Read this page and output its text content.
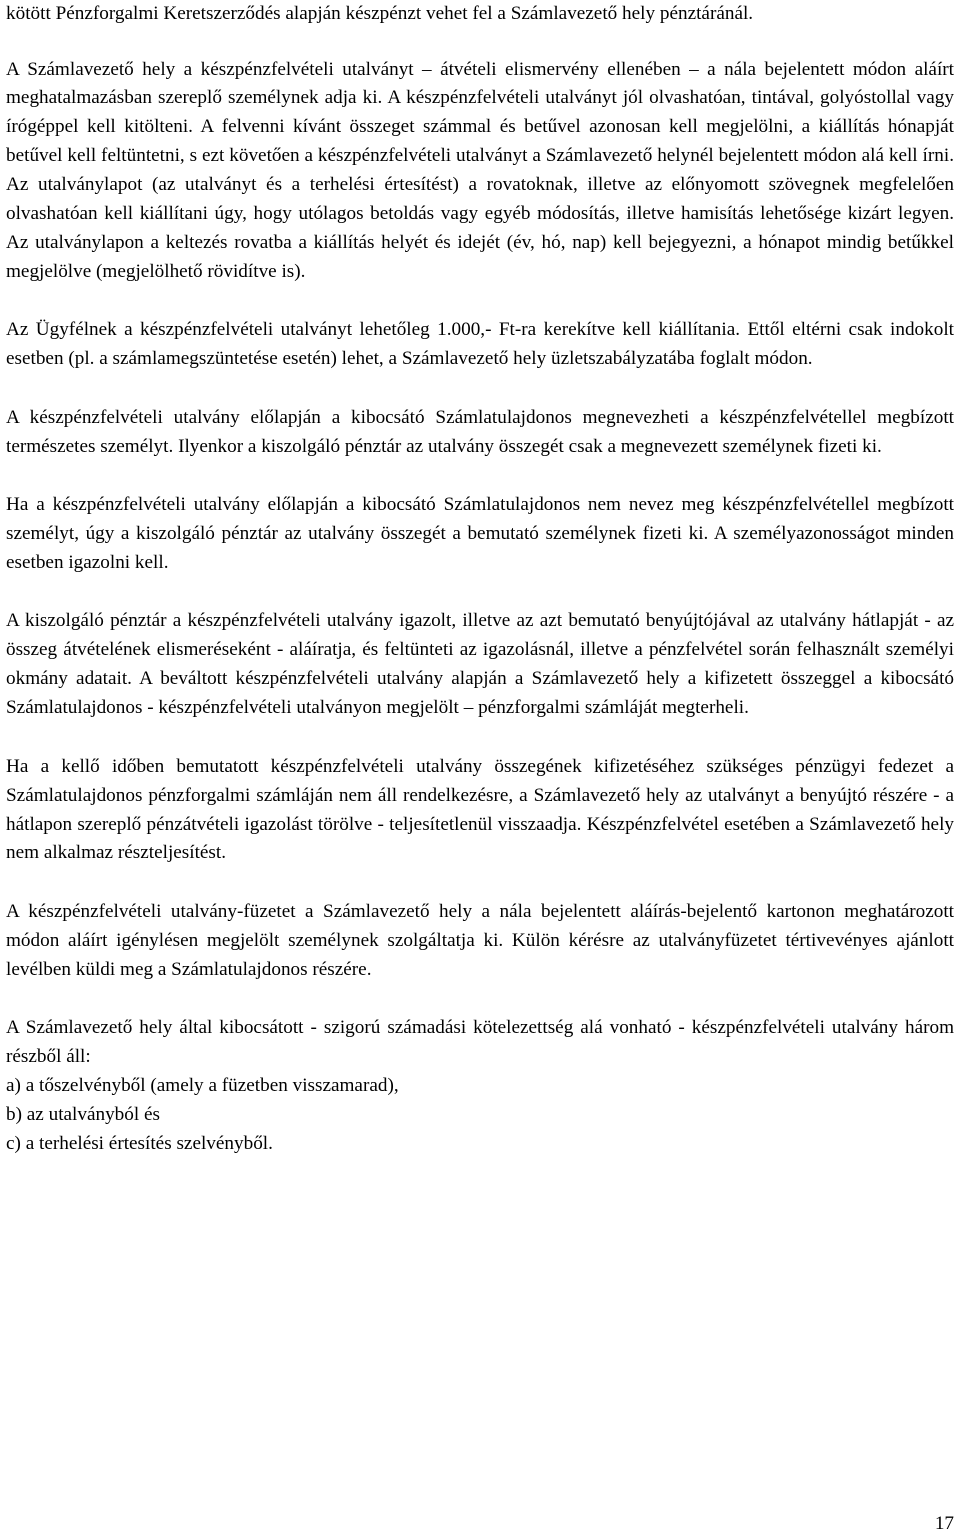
kötött Pénzforgalmi Keretszerződés alapján készpénzt vehet fel a Számlavezető hely pénztáránál.

A Számlavezető hely a készpénzfelvételi utalványt – átvételi elismervény ellenében – a nála bejelentett módon aláírt meghatalmazásban szereplő személynek adja ki. A készpénzfelvételi utalványt jól olvashatóan, tintával, golyóstollal vagy írógéppel kell kitölteni. A felvenni kívánt összeget számmal és betűvel azonosan kell megjelölni, a kiállítás hónapját betűvel kell feltüntetni, s ezt követően a készpénzfelvételi utalványt a Számlavezető helynél bejelentett módon alá kell írni. Az utalványlapot (az utalványt és a terhelési értesítést) a rovatoknak, illetve az előnyomott szövegnek megfelelően olvashatóan kell kiállítani úgy, hogy utólagos betoldás vagy egyéb módosítás, illetve hamisítás lehetősége kizárt legyen. Az utalványlapon a keltezés rovatba a kiállítás helyét és idejét (év, hó, nap) kell bejegyezni, a hónapot mindig betűkkel megjelölve (megjelölhető rövidítve is).

Az Ügyfélnek a készpénzfelvételi utalványt lehetőleg 1.000,- Ft-ra kerekítve kell kiállítania. Ettől eltérni csak indokolt esetben (pl. a számlamegszüntetése esetén) lehet, a Számlavezető hely üzletszabályzatába foglalt módon.

A készpénzfelvételi utalvány előlapján a kibocsátó Számlatulajdonos megnevezheti a készpénzfelvétellel megbízott természetes személyt. Ilyenkor a kiszolgáló pénztár az utalvány összegét csak a megnevezett személynek fizeti ki.

Ha a készpénzfelvételi utalvány előlapján a kibocsátó Számlatulajdonos nem nevez meg készpénzfelvétellel megbízott személyt, úgy a kiszolgáló pénztár az utalvány összegét a bemutató személynek fizeti ki. A személyazonosságot minden esetben igazolni kell.

A kiszolgáló pénztár a készpénzfelvételi utalvány igazolt, illetve az azt bemutató benyújtójával az utalvány hátlapját - az összeg átvételének elismeréseként - aláíratja, és feltünteti az igazolásnál, illetve a pénzfelvétel során felhasznált személyi okmány adatait. A beváltott készpénzfelvételi utalvány alapján a Számlavezető hely a kifizetett összeggel a kibocsátó Számlatulajdonos - készpénzfelvételi utalványon megjelölt – pénzforgalmi számláját megterheli.

Ha a kellő időben bemutatott készpénzfelvételi utalvány összegének kifizetéséhez szükséges pénzügyi fedezet a Számlatulajdonos pénzforgalmi számláján nem áll rendelkezésre, a Számlavezető hely az utalványt a benyújtó részére - a hátlapon szereplő pénzátvételi igazolást törölve - teljesítetlenül visszaadja. Készpénzfelvétel esetében a Számlavezető hely nem alkalmaz részteljesítést.

A készpénzfelvételi utalvány-füzetet a Számlavezető hely a nála bejelentett aláírás-bejelentő kartonon meghatározott módon aláírt igénylésen megjelölt személynek szolgáltatja ki. Külön kérésre az utalványfüzetet tértivevényes ajánlott levélben küldi meg a Számlatulajdonos részére.

A Számlavezető hely által kibocsátott - szigorú számadási kötelezettség alá vonható - készpénzfelvételi utalvány három részből áll:

a) a tőszelvényből (amely a füzetben visszamarad),
b) az utalványból és
c) a terhelési értesítés szelvényből.
17
